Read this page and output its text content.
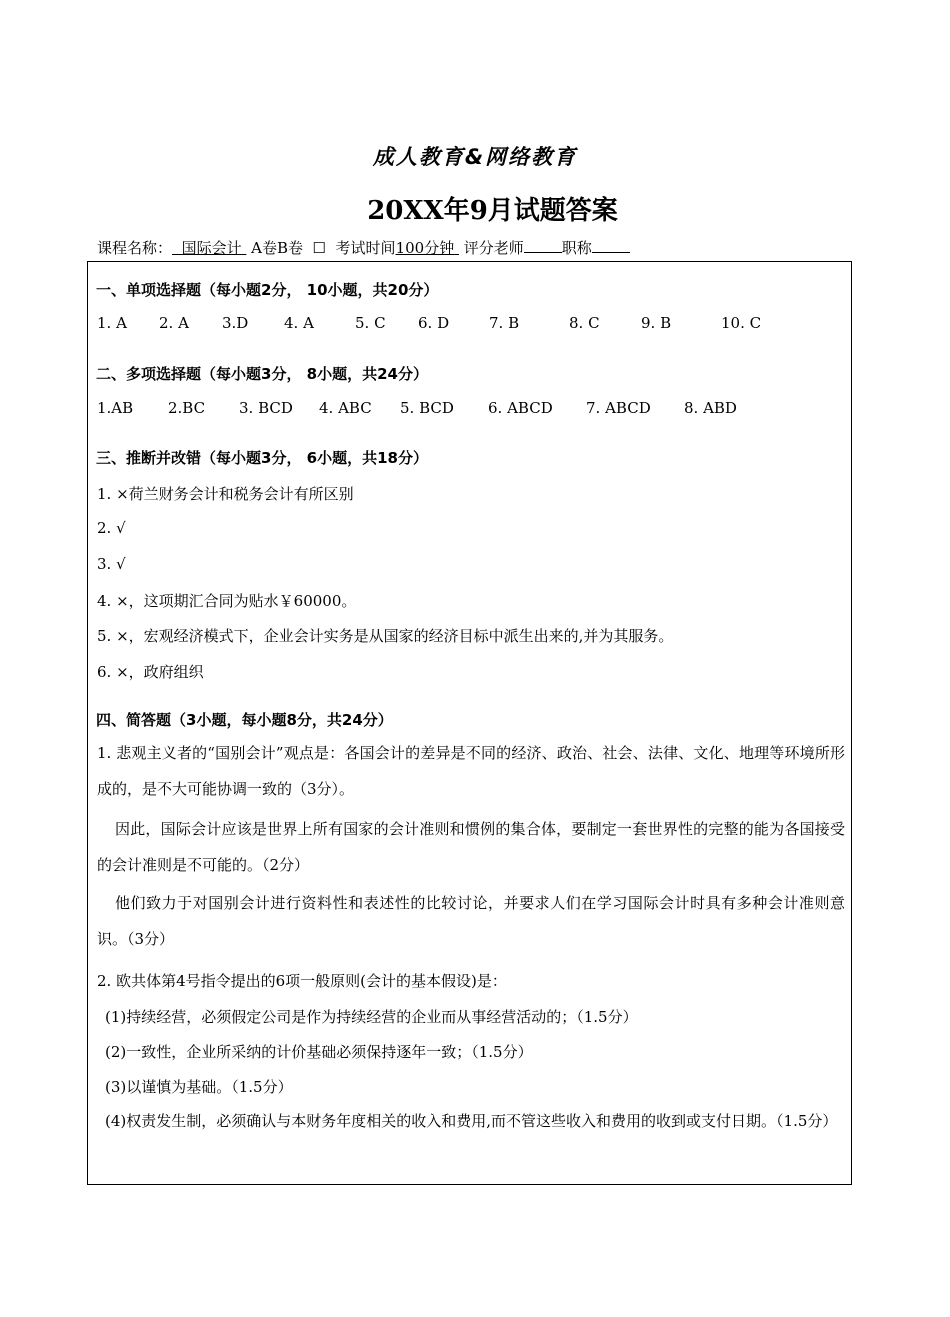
成人教育&网络教育
20XX年9月试题答案
课程名称： 国际会计 A卷B卷 ☐ 考试时间100分钟 评分老师	职称
一、单项选择题（每小题2分， 10小题，共20分）
1. A 2. A 3.D 4. A	5. C 6. D	7. B	8. C	9. B	10. C
二、多项选择题（每小题3分， 8小题，共24分）
1.AB 2.BC 3. BCD 4. ABC 5. BCD 6. ABCD 7. ABCD 8. ABD
三、推断并改错（每小题3分， 6小题，共18分）
1. ×荷兰财务会计和税务会计有所区别
2. √
3. √
4. ×，这项期汇合同为贴水￥60000。
5. ×，宏观经济模式下，企业会计实务是从国家的经济目标中派生出来的,并为其服务。
6. ×，政府组织
四、简答题（3小题，每小题8分，共24分）
1. 悲观主义者的“国别会计”观点是：各国会计的差异是不同的经济、政治、社会、法律、文化、地理等环境所形成的，是不大可能协调一致的（3分）。
因此，国际会计应该是世界上所有国家的会计准则和惯例的集合体，要制定一套世界性的完整的能为各国接受的会计准则是不可能的。（2分）
他们致力于对国别会计进行资料性和表述性的比较讨论，并要求人们在学习国际会计时具有多种会计准则意识。（3分）
2. 欧共体第4号指令提出的6项一般原则(会计的基本假设)是：
(1)持续经营，必须假定公司是作为持续经营的企业而从事经营活动的；（1.5分）
(2)一致性，企业所采纳的计价基础必须保持逐年一致；（1.5分）
(3)以谨慎为基础。（1.5分）
(4)权责发生制，必须确认与本财务年度相关的收入和费用,而不管这些收入和费用的收到或支付日期。（1.5分）
